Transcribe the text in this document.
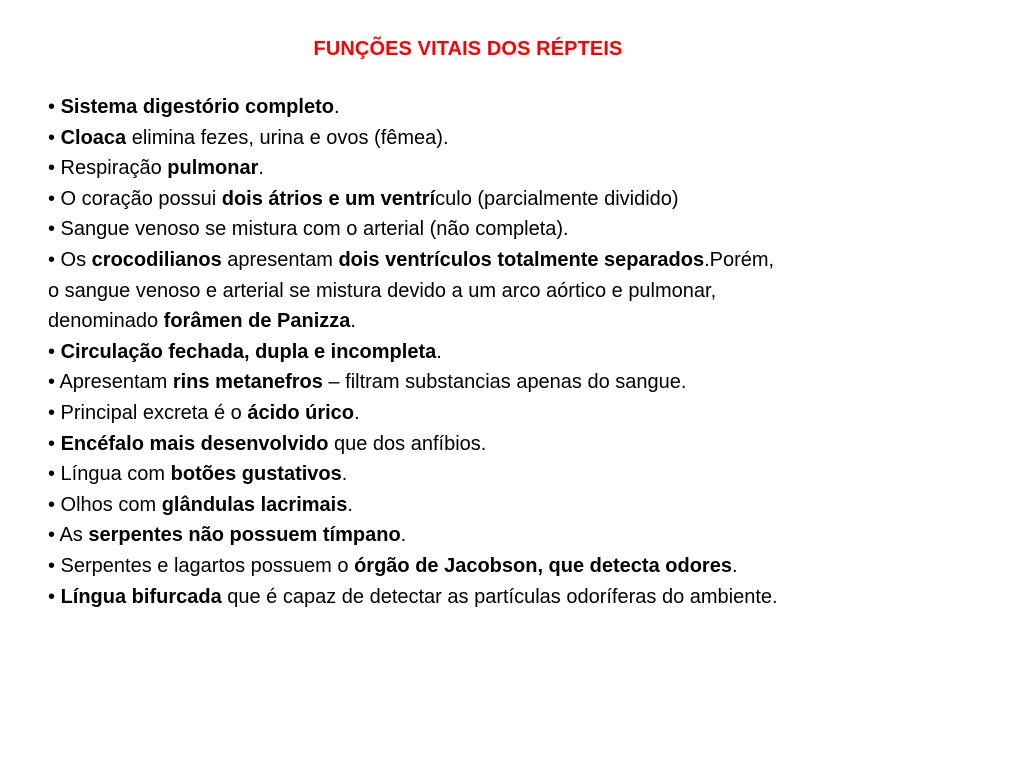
FUNÇÕES VITAIS DOS RÉPTEIS
• Sistema digestório completo.
• Cloaca elimina fezes, urina e ovos (fêmea).
• Respiração pulmonar.
• O coração possui dois átrios e um ventrículo (parcialmente dividido)
• Sangue venoso se mistura com o arterial (não completa).
• Os crocodilianos apresentam dois ventrículos totalmente separados.Porém,
o sangue venoso e arterial se mistura devido a um arco aórtico e pulmonar,
denominado forâmen de Panizza.
• Circulação fechada, dupla e incompleta.
• Apresentam rins metanefros – filtram substancias apenas do sangue.
• Principal excreta é o ácido úrico.
• Encéfalo mais desenvolvido que dos anfíbios.
• Língua com botões gustativos.
• Olhos com glândulas lacrimais.
• As serpentes não possuem tímpano.
• Serpentes e lagartos possuem o órgão de Jacobson, que detecta odores.
• Língua bifurcada que é capaz de detectar as partículas odoríferas do ambiente.
